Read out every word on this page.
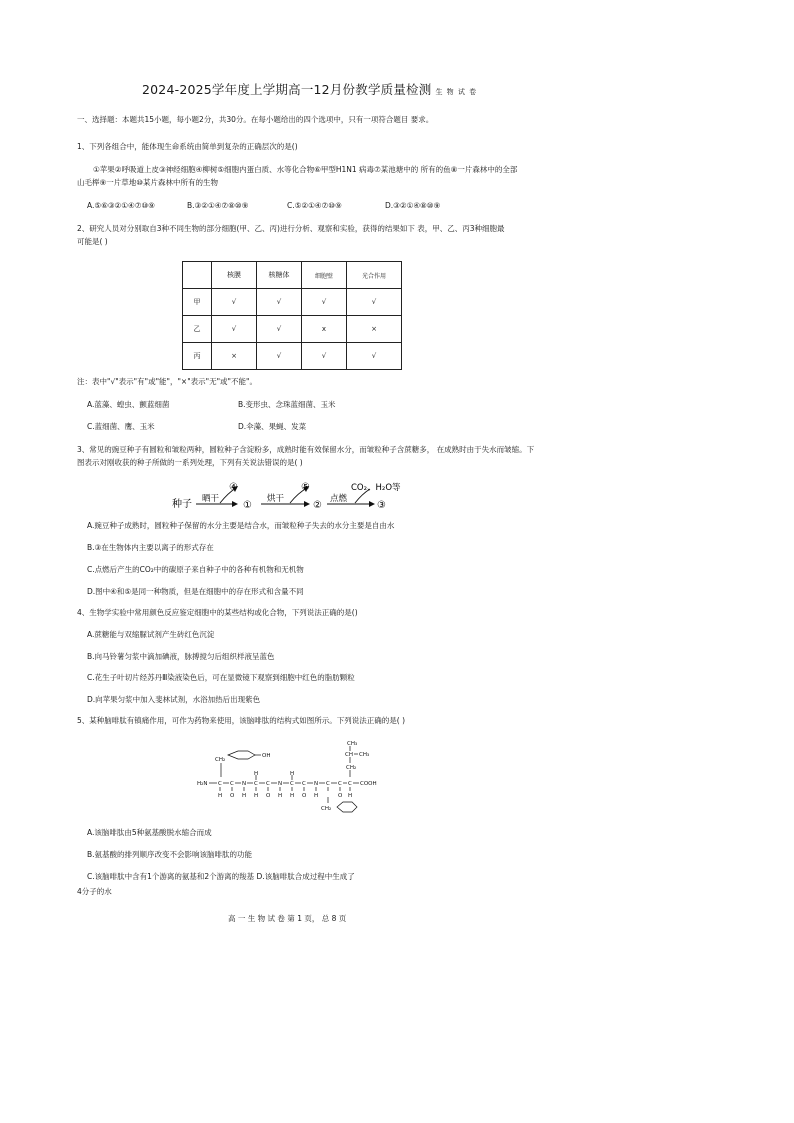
2024-2025学年度上学期高一12月份教学质量检测 生 物 试 卷
一、选择题：本题共15小题，每小题2分，共30分。在每小题给出的四个选项中，只有一项符合题目 要求。
1、下列各组合中，能体现生命系统由简单到复杂的正确层次的是()
①苹果②呼吸道上皮③神经细胞④柳树⑤细胞内蛋白质、水等化合物⑥甲型H1N1 病毒⑦某池塘中的 所有的鱼⑧一片森林中的全部
山毛榉⑨一片草地⑩某片森林中所有的生物
A.⑤⑥③②①④⑦⑩⑨	B.③②①④⑦⑧⑩⑨	C.⑤②①④⑦⑩⑨	D.③②①④⑧⑩⑨
2、研究人员对分别取自3种不同生物的部分细胞(甲、乙、丙)进行分析、观察和实验，获得的结果如下 表，甲、乙、丙3种细胞最
可能是( )
	核膜	核糖体	细胞壁	光合作用
甲	√	√	√	√
乙	√	√	x	×
丙	×	√	√	√
注：表中"√"表示"有"或"能"，"×"表示"无"或"不能"。
A.蓝藻、蝗虫、颤蓝细菌	B.变形虫、念珠蓝细菌、玉米
C.蓝细菌、鹰、玉米	D.伞藻、果蝇、发菜
3、常见的豌豆种子有圆粒和皱粒两种，圆粒种子含淀粉多，成熟时能有效保留水分，而皱粒种子含蔗糖多， 在成熟时由于失水而皱缩。下
图表示对刚收获的种子所做的一系列处理，下列有关说法错误的是( )
种子 晒干
④
①
烘干
⑤
②
点燃
CO₂、H₂O等
③
A.豌豆种子成熟时，圆粒种子保留的水分主要是结合水，而皱粒种子失去的水分主要是自由水
B.③在生物体内主要以离子的形式存在
C.点燃后产生的CO₂中的碳原子来自种子中的各种有机物和无机物
D.图中④和⑤是同一种物质，但是在细胞中的存在形式和含量不同
4、生物学实验中常用颜色反应鉴定细胞中的某些结构或化合物，下列说法正确的是()
A.蔗糖能与双缩脲试剂产生砖红色沉淀
B.向马铃薯匀浆中滴加碘液，脉搏搅匀后组织样液呈蓝色
C.花生子叶切片经苏丹Ⅲ染液染色后，可在显微镜下观察到细胞中红色的脂肪颗粒
D.向苹果匀浆中加入斐林试剂，水浴加热后出现紫色
5、某种脑啡肽有镇痛作用，可作为药物来使用，该脑啡肽的结构式如图所示。下列说法正确的是( )
CH₂
OH
CH₃
CH CH₃
CH₂
H₂N C C N C C N C C N C C C COOH
H O H H O H H O H	O H
H	H
CH₂
A.该脑啡肽由5种氨基酸脱水缩合而成
B.氨基酸的排列顺序改变不会影响该脑啡肽的功能
C.该脑啡肽中含有1个游离的氨基和2个游离的羧基 D.该脑啡肽合成过程中生成了
4分子的水
高 一 生 物 试 卷 第 1 页， 总 8 页
